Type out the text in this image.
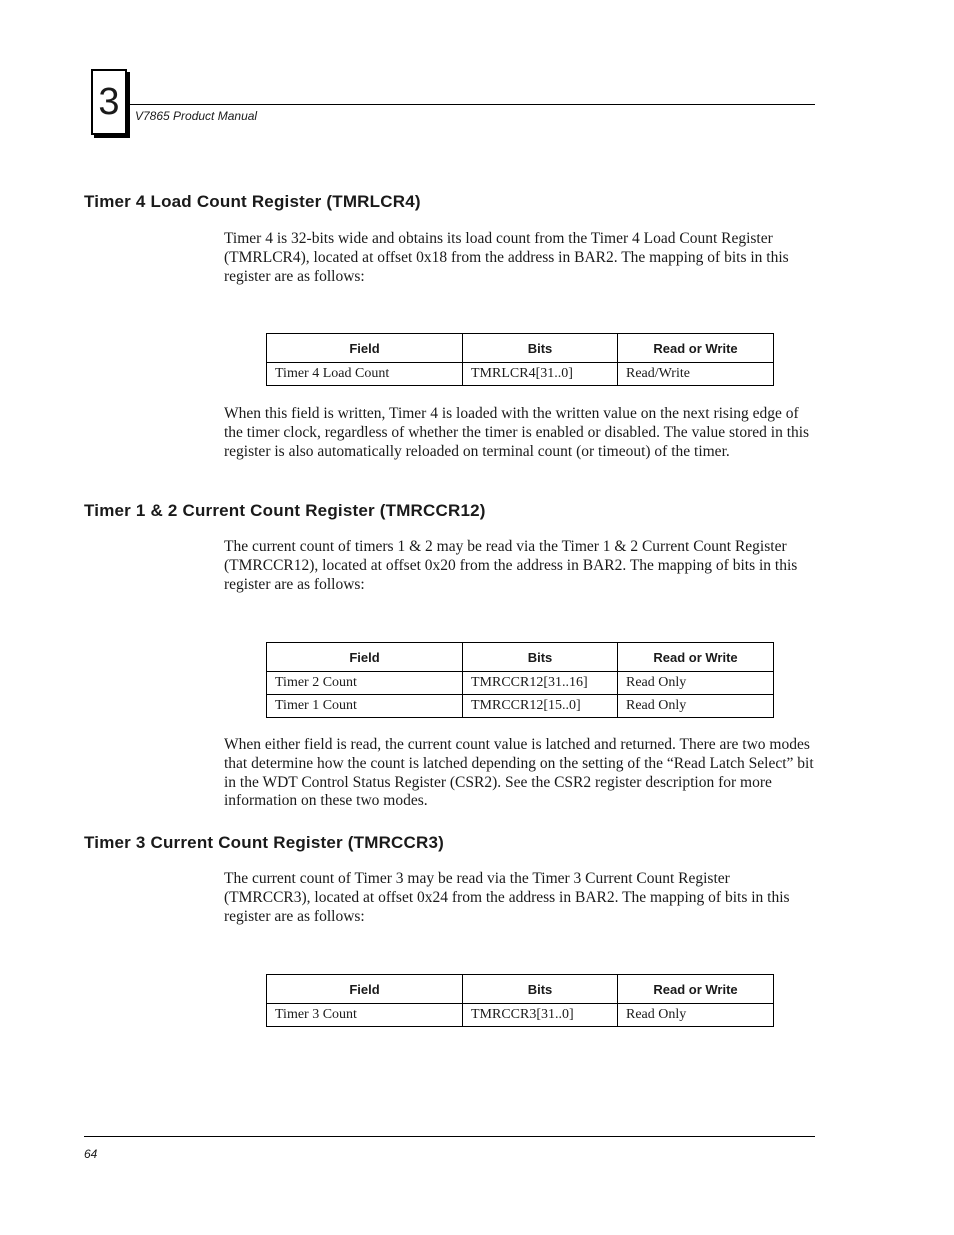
3 V7865 Product Manual
Timer 4 Load Count Register (TMRLCR4)

Timer 4 is 32-bits wide and obtains its load count from the Timer 4 Load Count Register (TMRLCR4), located at offset 0x18 from the address in BAR2. The mapping of bits in this register are as follows:

Field	Bits	Read or Write
Timer 4 Load Count	TMRLCR4[31..0]	Read/Write

When this field is written, Timer 4 is loaded with the written value on the next rising edge of the timer clock, regardless of whether the timer is enabled or disabled. The value stored in this register is also automatically reloaded on terminal count (or timeout) of the timer.

Timer 1 & 2 Current Count Register (TMRCCR12)

The current count of timers 1 & 2 may be read via the Timer 1 & 2 Current Count Register (TMRCCR12), located at offset 0x20 from the address in BAR2. The mapping of bits in this register are as follows:

Field	Bits	Read or Write
Timer 2 Count	TMRCCR12[31..16]	Read Only
Timer 1 Count	TMRCCR12[15..0]	Read Only

When either field is read, the current count value is latched and returned. There are two modes that determine how the count is latched depending on the setting of the “Read Latch Select” bit in the WDT Control Status Register (CSR2). See the CSR2 register description for more information on these two modes.

Timer 3 Current Count Register (TMRCCR3)

The current count of Timer 3 may be read via the Timer 3 Current Count Register (TMRCCR3), located at offset 0x24 from the address in BAR2. The mapping of bits in this register are as follows:

Field	Bits	Read or Write
Timer 3 Count	TMRCCR3[31..0]	Read Only
64
